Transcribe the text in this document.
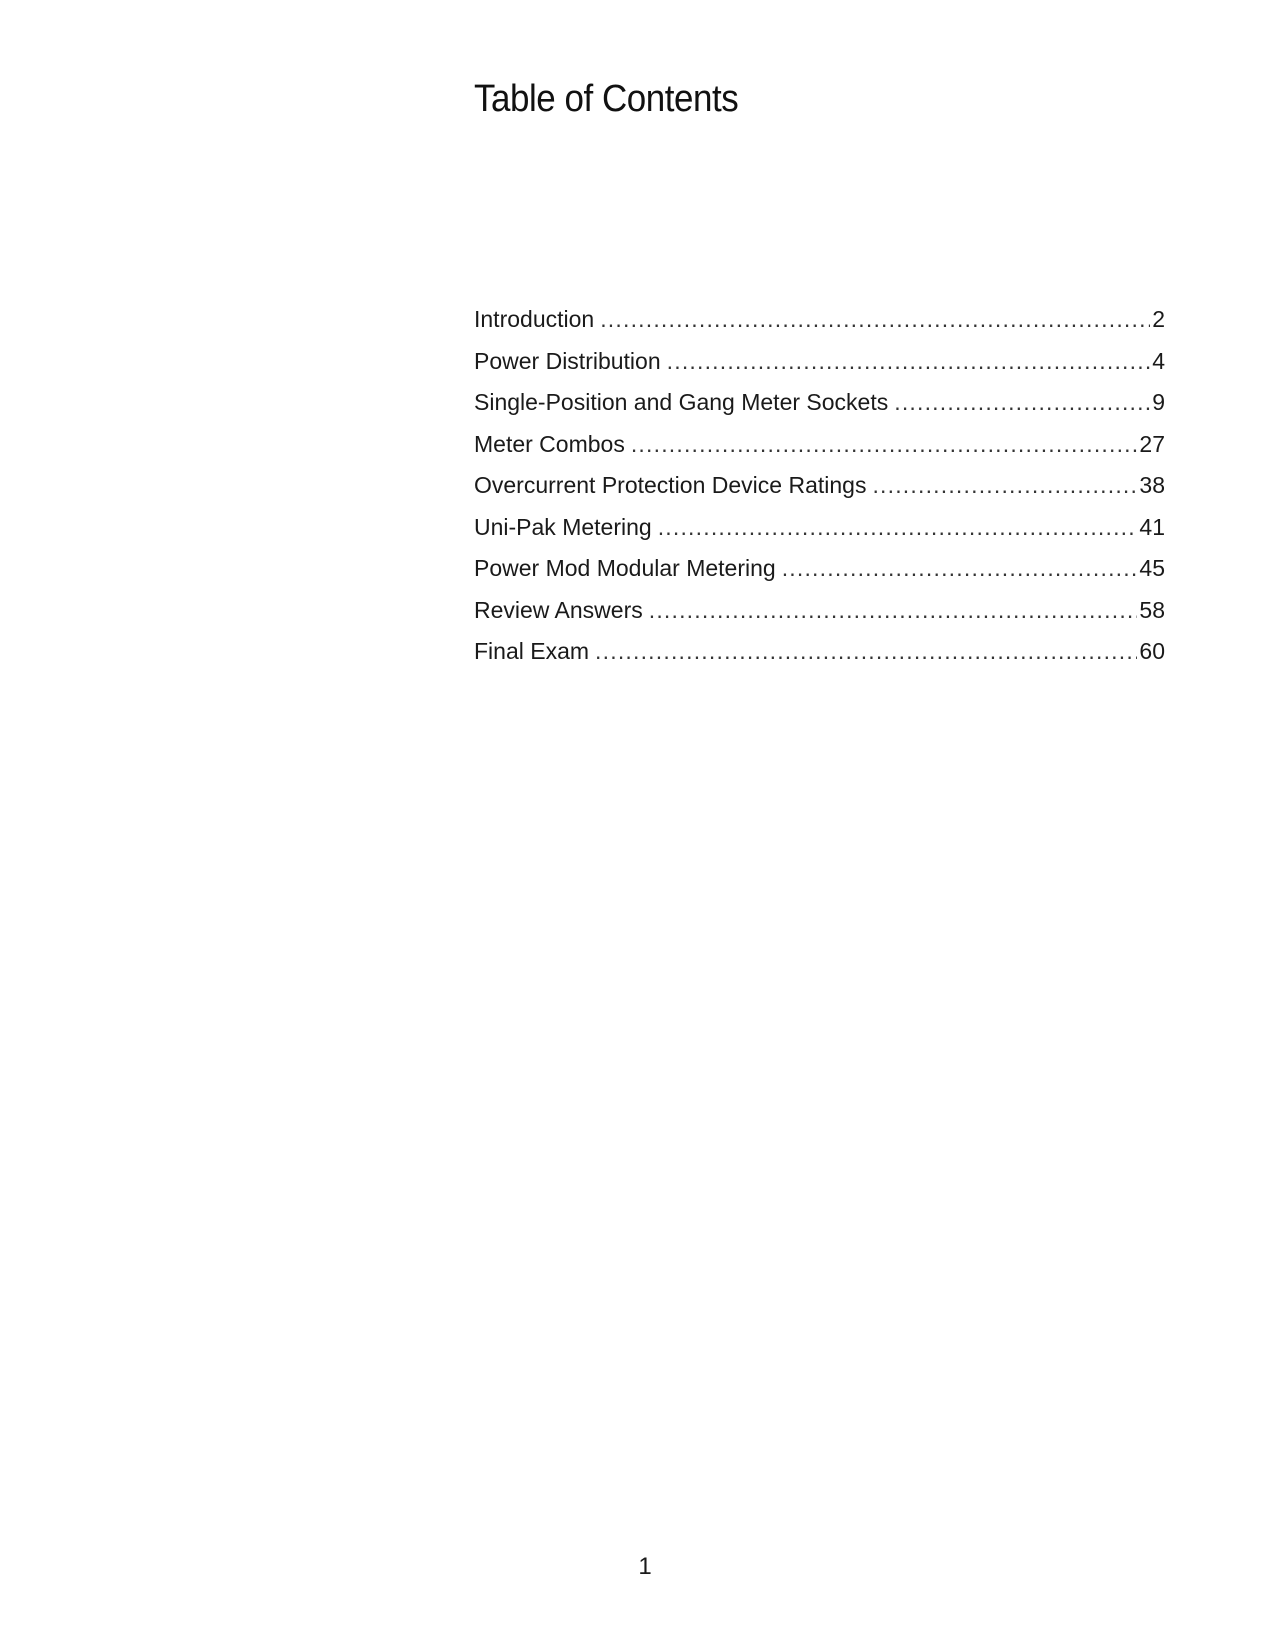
Table of Contents
Introduction .....	2
Power Distribution .....	4
Single-Position and Gang Meter Sockets .....	9
Meter Combos .....	27
Overcurrent Protection Device Ratings .....	38
Uni-Pak Metering .....	41
Power Mod Modular Metering .....	45
Review Answers .....	58
Final Exam .....	60
1
